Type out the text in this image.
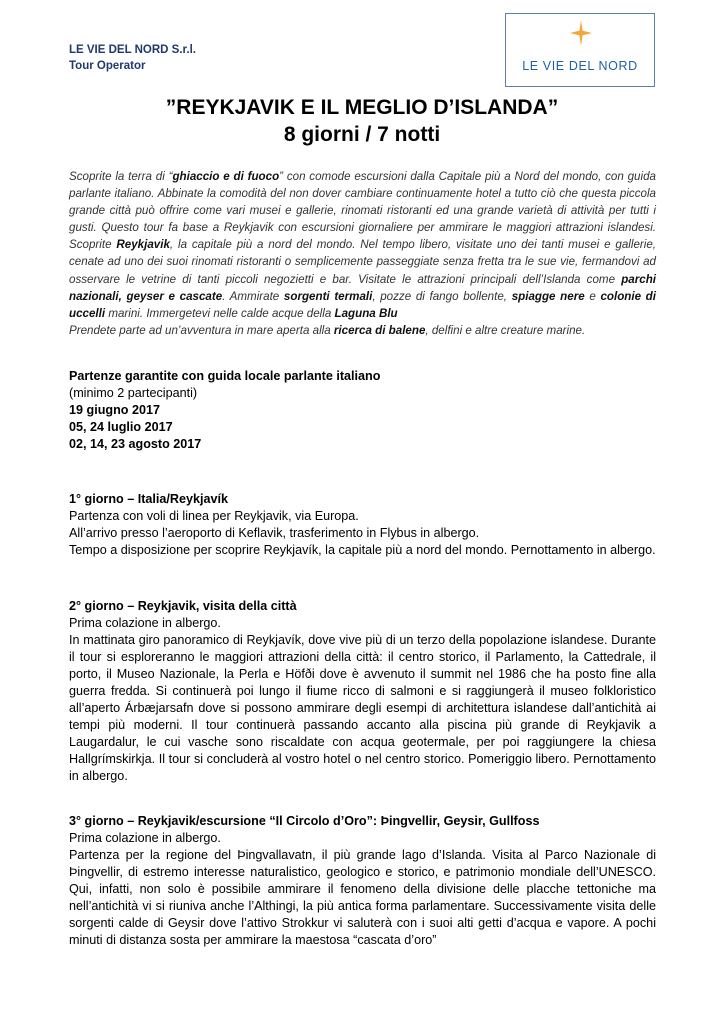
LE VIE DEL NORD S.r.l.
Tour Operator	LE VIE DEL NORD
”REYKJAVIK E IL MEGLIO D’ISLANDA”
8 giorni / 7 notti
Scoprite la terra di “ghiaccio e di fuoco” con comode escursioni dalla Capitale più a Nord del mondo, con guida parlante italiano. Abbinate la comodità del non dover cambiare continuamente hotel a tutto ciò che questa piccola grande città può offrire come vari musei e gallerie, rinomati ristoranti ed una grande varietà di attività per tutti i gusti. Questo tour fa base a Reykjavik con escursioni giornaliere per ammirare le maggiori attrazioni islandesi. Scoprite Reykjavik, la capitale più a nord del mondo. Nel tempo libero, visitate uno dei tanti musei e gallerie, cenate ad uno dei suoi rinomati ristoranti o semplicemente passeggiate senza fretta tra le sue vie, fermandovi ad osservare le vetrine di tanti piccoli negozietti e bar. Visitate le attrazioni principali dell’Islanda come parchi nazionali, geyser e cascate. Ammirate sorgenti termali, pozze di fango bollente, spiagge nere e colonie di uccelli marini. Immergetevi nelle calde acque della Laguna Blu
Prendete parte ad un’avventura in mare aperta alla ricerca di balene, delfini e altre creature marine.
Partenze garantite con guida locale parlante italiano
(minimo 2 partecipanti)
19 giugno 2017
05, 24 luglio 2017
02, 14, 23 agosto 2017
1° giorno – Italia/Reykjavík
Partenza con voli di linea per Reykjavik, via Europa.
All’arrivo presso l’aeroporto di Keflavik, trasferimento in Flybus in albergo.
Tempo a disposizione per scoprire Reykjavík, la capitale più a nord del mondo. Pernottamento in albergo.
2° giorno – Reykjavik, visita della città
Prima colazione in albergo.
In mattinata giro panoramico di Reykjavík, dove vive più di un terzo della popolazione islandese. Durante il tour si esploreranno le maggiori attrazioni della città: il centro storico, il Parlamento, la Cattedrale, il porto, il Museo Nazionale, la Perla e Höfði dove è avvenuto il summit nel 1986 che ha posto fine alla guerra fredda. Si continuerà poi lungo il fiume ricco di salmoni e si raggiungerà il museo folkloristico all’aperto Árbæjarsafn dove si possono ammirare degli esempi di architettura islandese dall’antichità ai tempi più moderni. Il tour continuerà passando accanto alla piscina più grande di Reykjavik a Laugardalur, le cui vasche sono riscaldate con acqua geotermale, per poi raggiungere la chiesa Hallgrímskirkja. Il tour si concluderà al vostro hotel o nel centro storico. Pomeriggio libero. Pernottamento in albergo.
3° giorno – Reykjavik/escursione “Il Circolo d’Oro”: Þingvellir, Geysir, Gullfoss
Prima colazione in albergo.
Partenza per la regione del Þingvallavatn, il più grande lago d’Islanda. Visita al Parco Nazionale di Þingvellir, di estremo interesse naturalistico, geologico e storico, e patrimonio mondiale dell’UNESCO. Qui, infatti, non solo è possibile ammirare il fenomeno della divisione delle placche tettoniche ma nell’antichità vi si riuniva anche l’Althingi, la più antica forma parlamentare. Successivamente visita delle sorgenti calde di Geysir dove l’attivo Strokkur vi saluterà con i suoi alti getti d’acqua e vapore. A pochi minuti di distanza sosta per ammirare la maestosa “cascata d’oro”
